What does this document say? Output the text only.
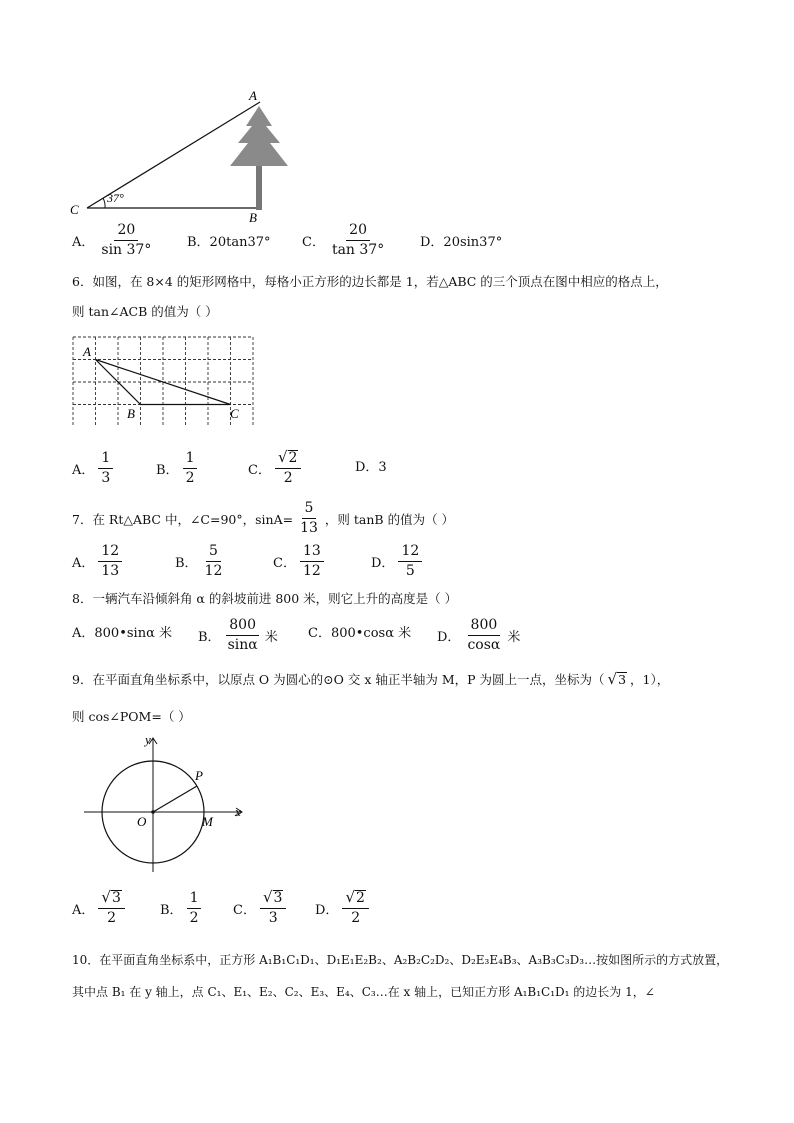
A
B
C
37°
A． $\frac{20}{\sin 37^\circ}$	B．20tan37° C． $\frac{20}{\tan 37^\circ}$	D．20sin37°
6．如图，在 8×4 的矩形网格中，每格小正方形的边长都是 1，若△ABC 的三个顶点在图中相应的格点上，
则 tan∠ACB 的值为（ ）
A
B	C
A． $\frac{1}{3}$	B． $\frac{1}{2}$	C． $\frac{√ 2}{2}$	D．3
7．在 Rt△ABC 中，∠C=90°，$\sin A= \frac{5}{13}$ ，则 tanB 的值为（ ）
A． $\frac{12}{13}$	B． $\frac{5}{12}$	C． $\frac{13}{12}$	D． $\frac{12}{5}$
8．一辆汽车沿倾斜角 α 的斜坡前进 800 米，则它上升的高度是（ ）
A．800•sinα 米 B． $\frac{800}{\sin\alpha}$ 米 C．800•cosα 米 D． $\frac{800}{\cos\alpha}$ 米
9．在平面直角坐标系中，以原点 O 为圆心的⊙O 交 x 轴正半轴为 M，P 为圆上一点，坐标为（ √ 3 ，1），
则 cos∠POM=（ ）
y
x
P
O	M
A． $\frac{√ 3}{2}$	B． $\frac{1}{2}$ C． $\frac{√ 3}{3}$ D． $\frac{√ 2}{2}$
10．在平面直角坐标系中，正方形 A₁B₁C₁D₁、D₁E₁E₂B₂、A₂B₂C₂D₂、D₂E₃E₄B₃、A₃B₃C₃D₃…按如图所示的方式放置，
其中点 B₁ 在 y 轴上，点 C₁、E₁、E₂、C₂、E₃、E₄、C₃…在 x 轴上，已知正方形 A₁B₁C₁D₁ 的边长为 1，∠
